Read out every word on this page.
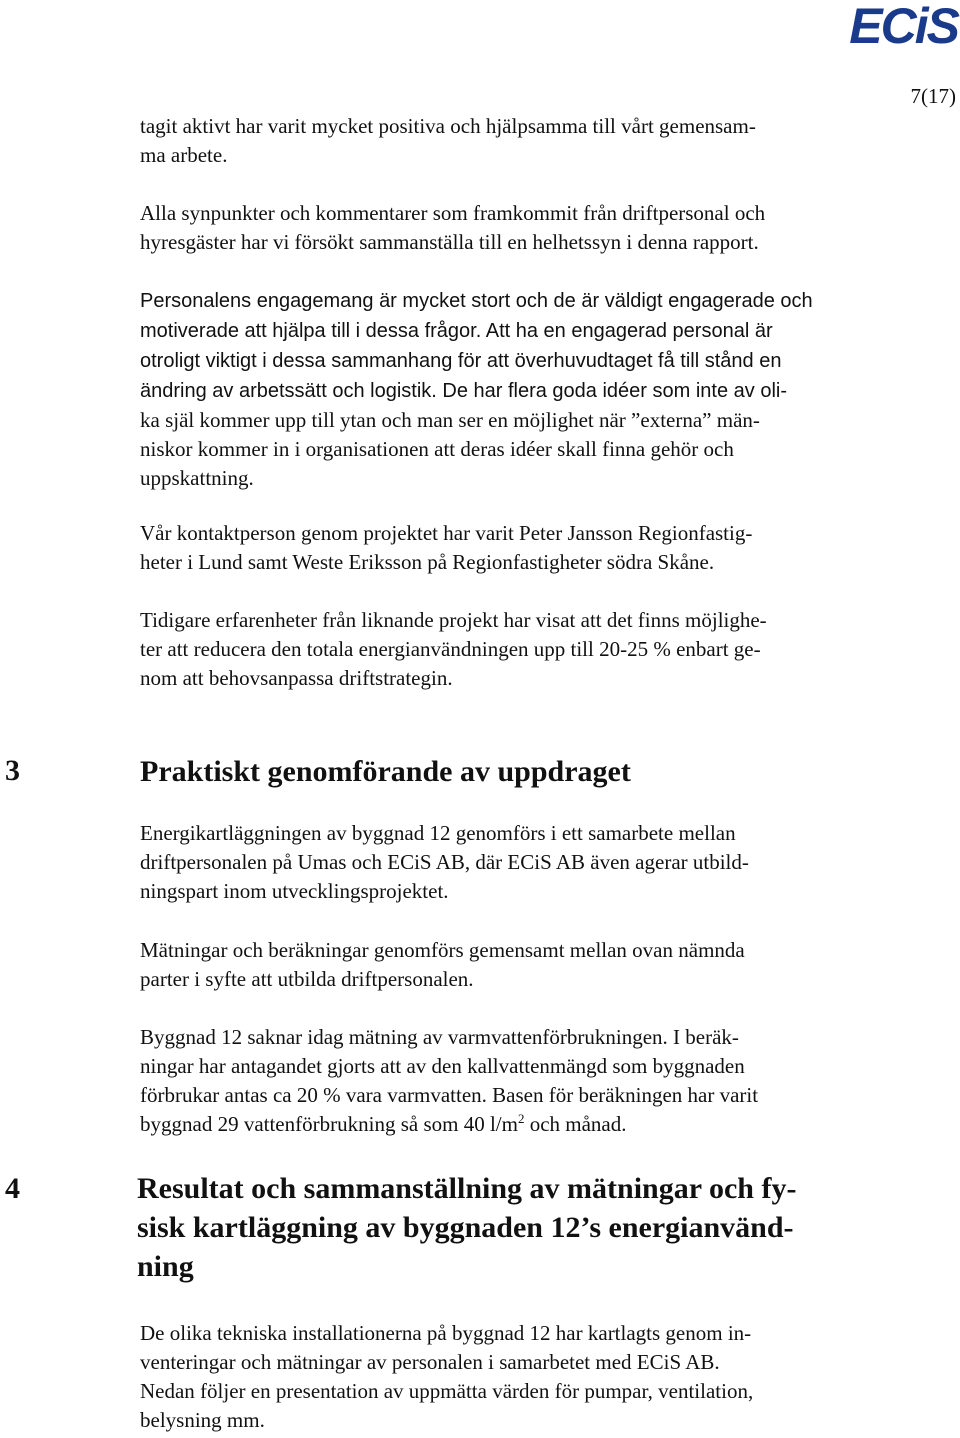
ECiS
7(17)

tagit aktivt har varit mycket positiva och hjälpsamma till vårt gemensam-
ma arbete.

Alla synpunkter och kommentarer som framkommit från driftpersonal och
hyresgäster har vi försökt sammanställa till en helhetssyn i denna rapport.

Personalens engagemang är mycket stort och de är väldigt engagerade och
motiverade att hjälpa till i dessa frågor. Att ha en engagerad personal är
otroligt viktigt i dessa sammanhang för att överhuvudtaget få till stånd en
ändring av arbetssätt och logistik. De har flera goda idéer som inte av oli-
ka själ kommer upp till ytan och man ser en möjlighet när ”externa” män-
niskor kommer in i organisationen att deras idéer skall finna gehör och
uppskattning.

Vår kontaktperson genom projektet har varit Peter Jansson Regionfastig-
heter i Lund samt Weste Eriksson på Regionfastigheter södra Skåne.

Tidigare erfarenheter från liknande projekt har visat att det finns möjlighe-
ter att reducera den totala energianvändningen upp till 20-25 % enbart ge-
nom att behovsanpassa driftstrategin.

3	Praktiskt genomförande av uppdraget

Energikartläggningen av byggnad 12 genomförs i ett samarbete mellan
driftpersonalen på Umas och ECiS AB, där ECiS AB även agerar utbild-
ningspart inom utvecklingsprojektet.

Mätningar och beräkningar genomförs gemensamt mellan ovan nämnda
parter i syfte att utbilda driftpersonalen.

Byggnad 12 saknar idag mätning av varmvattenförbrukningen. I beräk-
ningar har antagandet gjorts att av den kallvattenmängd som byggnaden
förbrukar antas ca 20 % vara varmvatten. Basen för beräkningen har varit
byggnad 29 vattenförbrukning så som 40 $l/m^2$ och månad.

4	Resultat och sammanställning av mätningar och fy-
sisk kartläggning av byggnaden 12’s energianvänd-
ning

De olika tekniska installationerna på byggnad 12 har kartlagts genom in-
venteringar och mätningar av personalen i samarbetet med ECiS AB.
Nedan följer en presentation av uppmätta värden för pumpar, ventilation,
belysning mm.
